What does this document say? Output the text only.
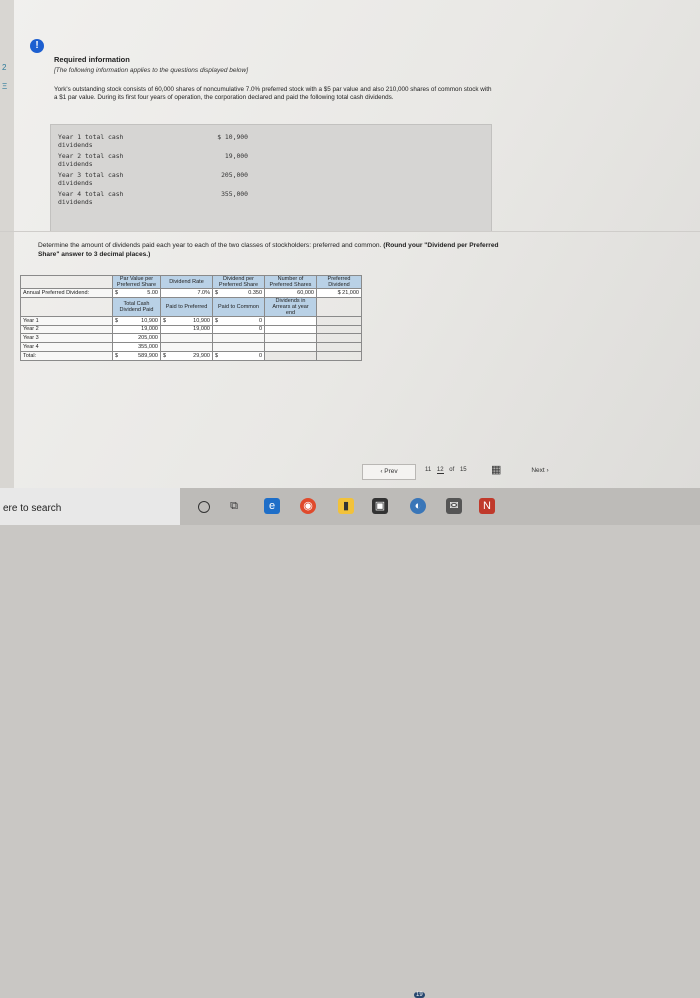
2
Ξ
!
Required information
[The following information applies to the questions displayed below]
York's outstanding stock consists of 60,000 shares of noncumulative 7.0% preferred stock with a $5 par value and also 210,000 shares of common stock with a $1 par value. During its first four years of operation, the corporation declared and paid the following total cash dividends.
Year 1 total cash dividends
$ 10,900
Year 2 total cash dividends
19,000
Year 3 total cash dividends
205,000
Year 4 total cash dividends
355,000
Determine the amount of dividends paid each year to each of the two classes of stockholders: preferred and common. (Round your "Dividend per Preferred Share" answer to 3 decimal places.)
	Par Value per Preferred Share	Dividend Rate	Dividend per Preferred Share	Number of Preferred Shares	Preferred Dividend
Annual Preferred Dividend:	$ 5.00	7.0%	$ 0.350	60,000	$ 21,000
	Total Cash Dividend Paid	Paid to Preferred	Paid to Common	Dividends in Arrears at year end	
Year 1	$ 10,900	$ 10,900	$ 0		
Year 2	19,000	19,000	0		
Year 3	205,000	

Year 4	355,000	

Total:	$ 589,900	$ 29,900	$ 0		
‹ Prev	11 12 of 15	▦	Next ›
ere to search	⧉	e	◉	▮	▣	◐
19
✉	N
